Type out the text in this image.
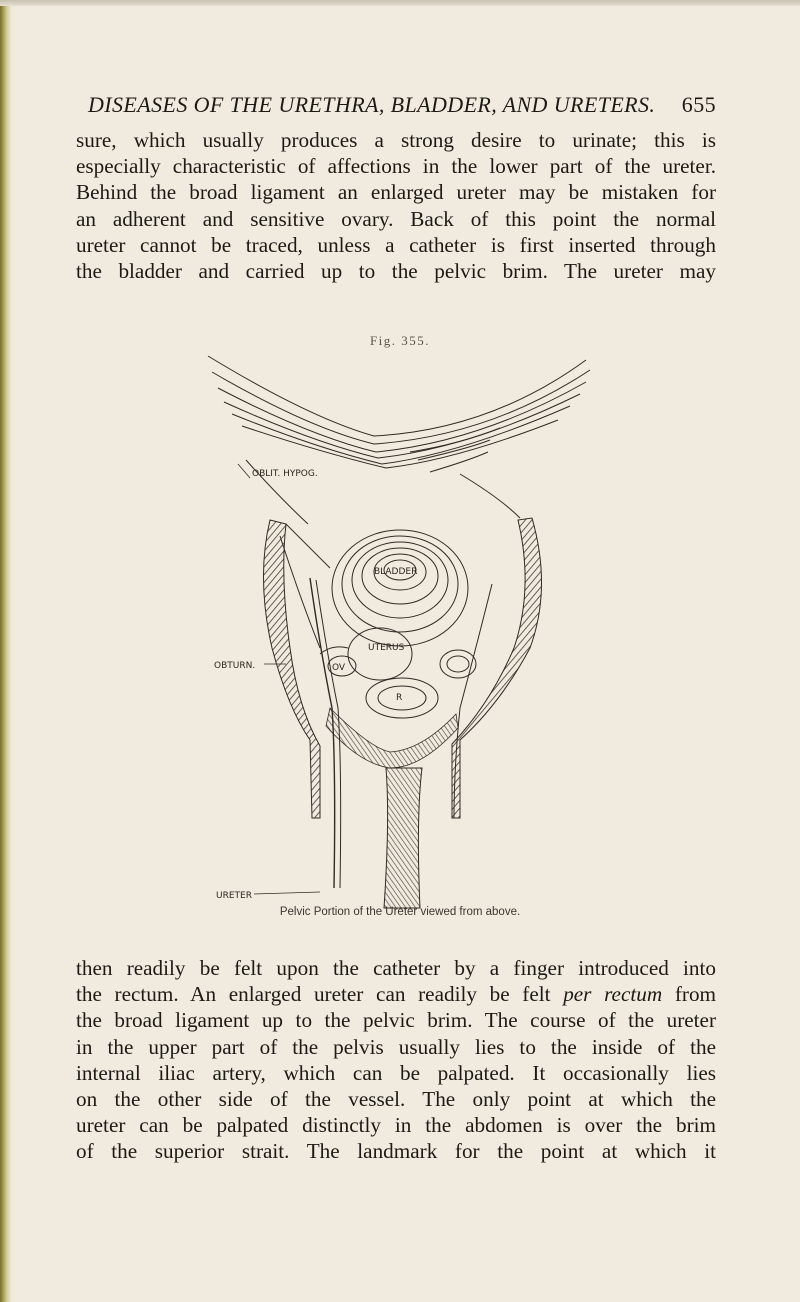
DISEASES OF THE URETHRA, BLADDER, AND URETERS. 655
sure, which usually produces a strong desire to urinate; this is
especially characteristic of affections in the lower part of the ureter.
Behind the broad ligament an enlarged ureter may be mistaken for
an adherent and sensitive ovary. Back of this point the normal
ureter cannot be traced, unless a catheter is first inserted through
the bladder and carried up to the pelvic brim. The ureter may
Fig. 355.
OBLIT. HYPOG.
BLADDER
UTERUS
OV
R
OBTURN.
URETER
Pelvic Portion of the Ureter viewed from above.
then readily be felt upon the catheter by a finger introduced into
the rectum. An enlarged ureter can readily be felt per rectum from
the broad ligament up to the pelvic brim. The course of the ureter
in the upper part of the pelvis usually lies to the inside of the
internal iliac artery, which can be palpated. It occasionally lies
on the other side of the vessel. The only point at which the
ureter can be palpated distinctly in the abdomen is over the brim
of the superior strait. The landmark for the point at which it
